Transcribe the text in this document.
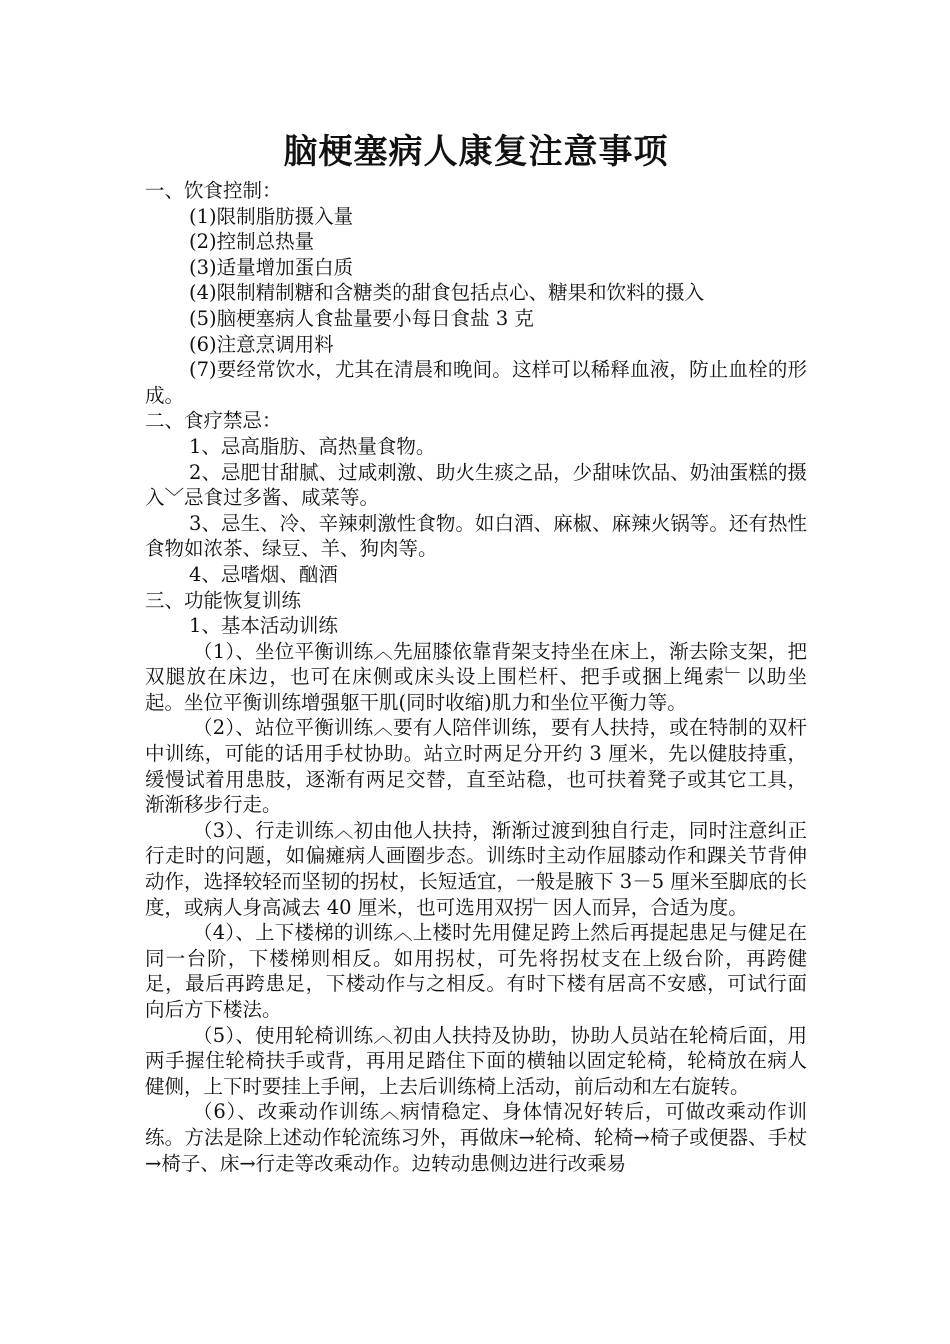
脑梗塞病人康复注意事项

一、饮食控制：

(1)限制脂肪摄入量

(2)控制总热量

(3)适量增加蛋白质

(4)限制精制糖和含糖类的甜食包括点心、糖果和饮料的摄入

(5)脑梗塞病人食盐量要小每日食盐 3 克

(6)注意烹调用料

(7)要经常饮水，尤其在清晨和晚间。这样可以稀释血液，防止血栓的形成。

二、食疗禁忌：

1、忌高脂肪、高热量食物。

2、忌肥甘甜腻、过咸刺激、助火生痰之品，少甜味饮品、奶油蛋糕的摄入﹀忌食过多酱、咸菜等。

3、忌生、冷、辛辣刺激性食物。如白酒、麻椒、麻辣火锅等。还有热性食物如浓茶、绿豆、羊、狗肉等。

4、忌嗜烟、酗酒

三、功能恢复训练

1、基本活动训练

（1）、坐位平衡训练︿先屈膝依靠背架支持坐在床上，渐去除支架，把双腿放在床边，也可在床侧或床头设上围栏杆、把手或捆上绳索﹂以助坐起。坐位平衡训练增强躯干肌(同时收缩)肌力和坐位平衡力等。

（2）、站位平衡训练︿要有人陪伴训练，要有人扶持，或在特制的双杆中训练，可能的话用手杖协助。站立时两足分开约 3 厘米，先以健肢持重，缓慢试着用患肢，逐渐有两足交替，直至站稳，也可扶着凳子或其它工具，渐渐移步行走。

（3）、行走训练︿初由他人扶持，渐渐过渡到独自行走，同时注意纠正行走时的问题，如偏瘫病人画圈步态。训练时主动作屈膝动作和踝关节背伸动作，选择较轻而坚韧的拐杖，长短适宜，一般是腋下 3－5 厘米至脚底的长度，或病人身高减去 40 厘米，也可选用双拐﹂因人而异，合适为度。

（4）、上下楼梯的训练︿上楼时先用健足跨上然后再提起患足与健足在同一台阶，下楼梯则相反。如用拐杖，可先将拐杖支在上级台阶，再跨健足，最后再跨患足，下楼动作与之相反。有时下楼有居高不安感，可试行面向后方下楼法。

（5）、使用轮椅训练︿初由人扶持及协助，协助人员站在轮椅后面，用两手握住轮椅扶手或背，再用足踏住下面的横轴以固定轮椅，轮椅放在病人健侧，上下时要挂上手闸，上去后训练椅上活动，前后动和左右旋转。

（6）、改乘动作训练︿病情稳定、身体情况好转后，可做改乘动作训练。方法是除上述动作轮流练习外，再做床→轮椅、轮椅→椅子或便器、手杖→椅子、床→行走等改乘动作。边转动患侧边进行改乘易
